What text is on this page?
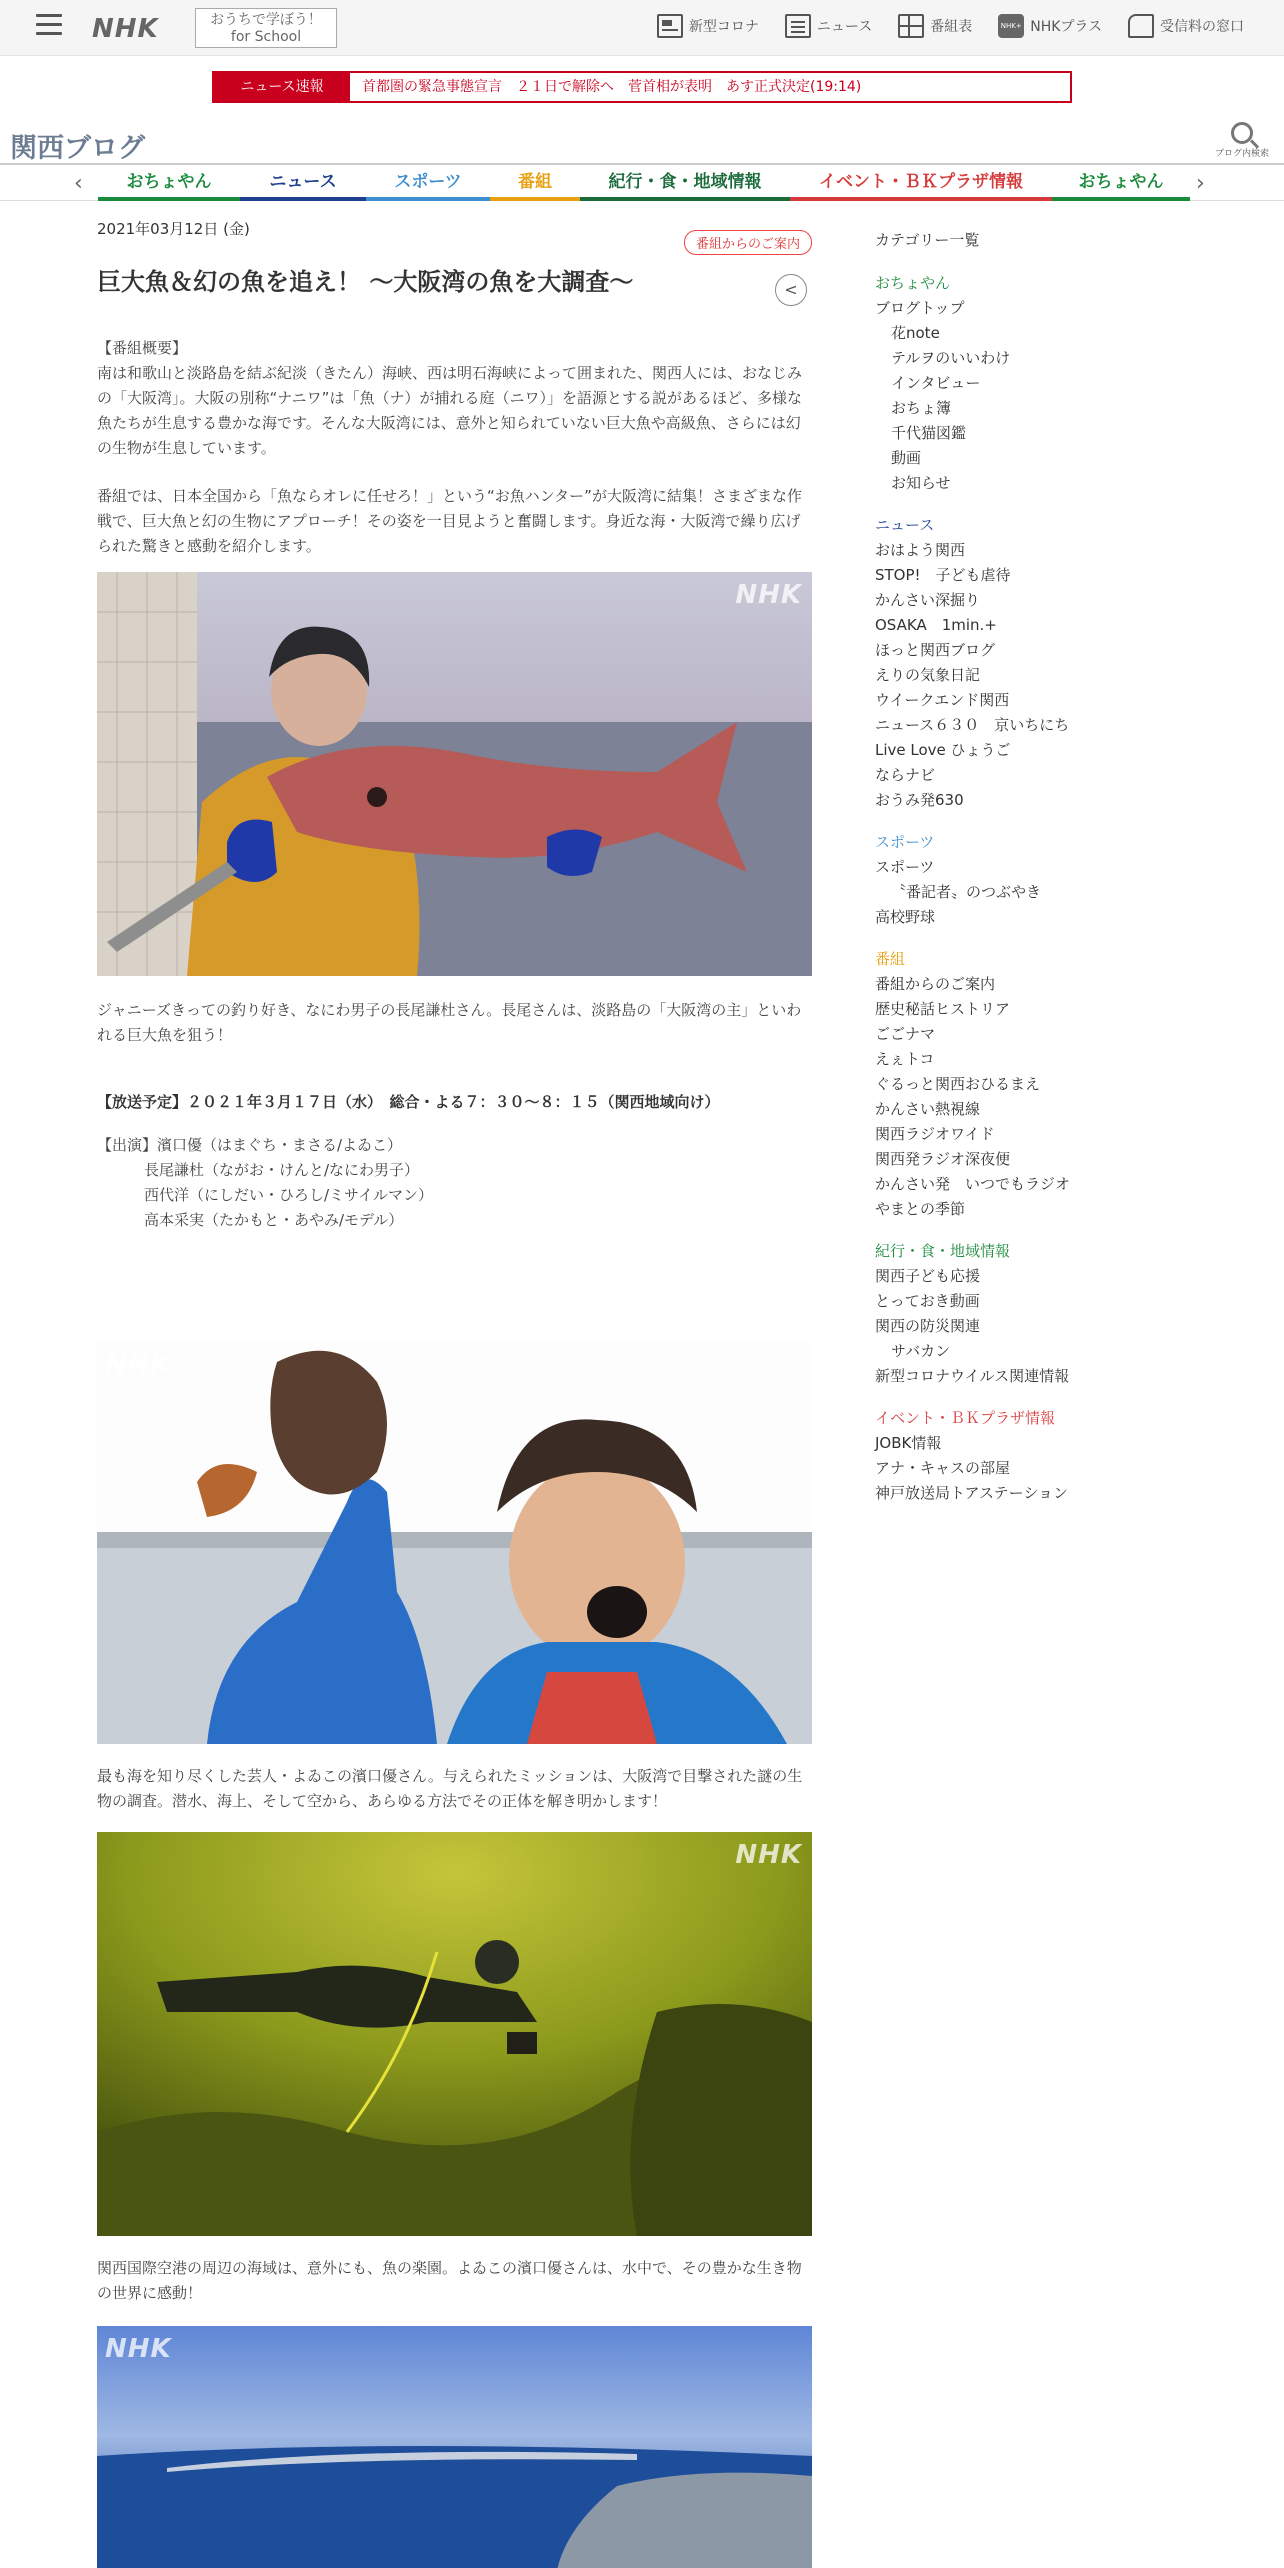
NHK	おうちで学ぼう！
for School
新型コロナ	ニュース	番組表	NHK+ NHKプラス	受信料の窓口
ニュース速報	首都圏の緊急事態宣言　２１日で解除へ　菅首相が表明　あす正式決定(19:14)
関西ブログ	ブログ内検索
‹	おちょやん	ニュース	スポーツ	番組	紀行・食・地域情報	イベント・ＢＫプラザ情報	おちょやん	›
2021年03月12日 (金)
番組からのご案内
巨大魚＆幻の魚を追え！ ～大阪湾の魚を大調査～	<

【番組概要】

南は和歌山と淡路島を結ぶ紀淡（きたん）海峡、西は明石海峡によって囲まれた、関西人には、おなじみの「大阪湾」。大阪の別称“ナニワ”は「魚（ナ）が捕れる庭（ニワ）」を語源とする説があるほど、多様な魚たちが生息する豊かな海です。そんな大阪湾には、意外と知られていない巨大魚や高級魚、さらには幻の生物が生息しています。

番組では、日本全国から「魚ならオレに任せろ！」という“お魚ハンター”が大阪湾に結集！さまざまな作戦で、巨大魚と幻の生物にアプローチ！その姿を一目見ようと奮闘します。身近な海・大阪湾で繰り広げられた驚きと感動を紹介します。

NHK
ジャニーズきっての釣り好き、なにわ男子の長尾謙杜さん。長尾さんは、淡路島の「大阪湾の主」といわれる巨大魚を狙う！

【放送予定】２０２１年３月１７日（水）　総合・よる７：３０～８：１５（関西地域向け）

【出演】濱口優（はまぐち・まさる/よゐこ）

長尾謙杜（ながお・けんと/なにわ男子）

西代洋（にしだい・ひろし/ミサイルマン）

高本采実（たかもと・あやみ/モデル）

NHK
最も海を知り尽くした芸人・よゐこの濱口優さん。与えられたミッションは、大阪湾で目撃された謎の生物の調査。潜水、海上、そして空から、あらゆる方法でその正体を解き明かします！
NHK
関西国際空港の周辺の海域は、意外にも、魚の楽園。よゐこの濱口優さんは、水中で、その豊かな生き物の世界に感動！
NHK
カテゴリー一覧
おちょやん
ブログトップ
花note
テルヲのいいわけ
インタビュー
おちょ簿
千代猫図鑑
動画
お知らせ
ニュース
おはよう関西
STOP!　子ども虐待
かんさい深掘り
OSAKA　1min.+
ほっと関西ブログ
えりの気象日記
ウイークエンド関西
ニュース６３０　京いちにち
Live Love ひょうご
ならナビ
おうみ発630
スポーツ
スポーツ
〝番記者〟のつぶやき
高校野球
番組
番組からのご案内
歴史秘話ヒストリア
ごごナマ
えぇトコ
ぐるっと関西おひるまえ
かんさい熱視線
関西ラジオワイド
関西発ラジオ深夜便
かんさい発　いつでもラジオ
やまとの季節
紀行・食・地域情報
関西子ども応援
とっておき動画
関西の防災関連
サバカン
新型コロナウイルス関連情報
イベント・ＢＫプラザ情報
JOBK情報
アナ・キャスの部屋
神戸放送局トアステーション
